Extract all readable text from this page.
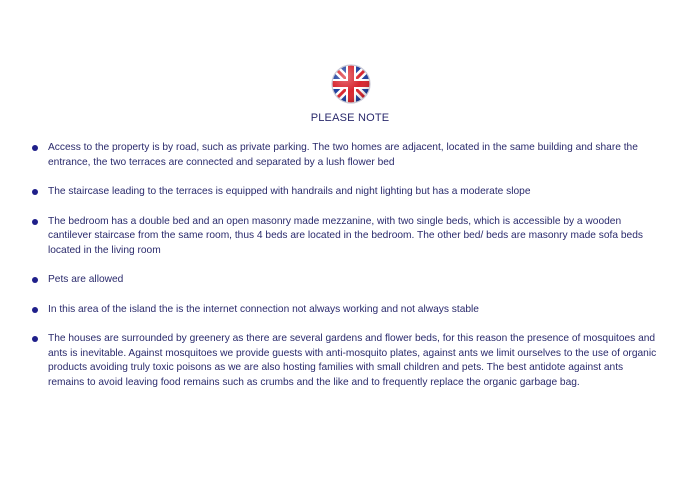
PLEASE NOTE
Access to the property is by road, such as private parking. The two homes are adjacent, located in the same building and share the entrance, the two terraces are connected and separated by a lush flower bed
The staircase leading to the terraces is equipped with handrails and night lighting but has a moderate slope
The bedroom has a double bed and an open masonry made mezzanine, with two single beds, which is accessible by a wooden cantilever staircase from the same room, thus 4 beds are located in the bedroom. The other bed/ beds are masonry made sofa beds located in the living room
Pets are allowed
In this area of the island the is the internet connection not always working and not always stable
The houses are surrounded by greenery as there are several gardens and flower beds, for this reason the presence of mosquitoes and ants is inevitable. Against mosquitoes we provide guests with anti-mosquito plates, against ants we limit ourselves to the use of organic products avoiding truly toxic poisons as we are also hosting families with small children and pets. The best antidote against ants remains to avoid leaving food remains such as crumbs and the like and to frequently replace the organic garbage bag.
